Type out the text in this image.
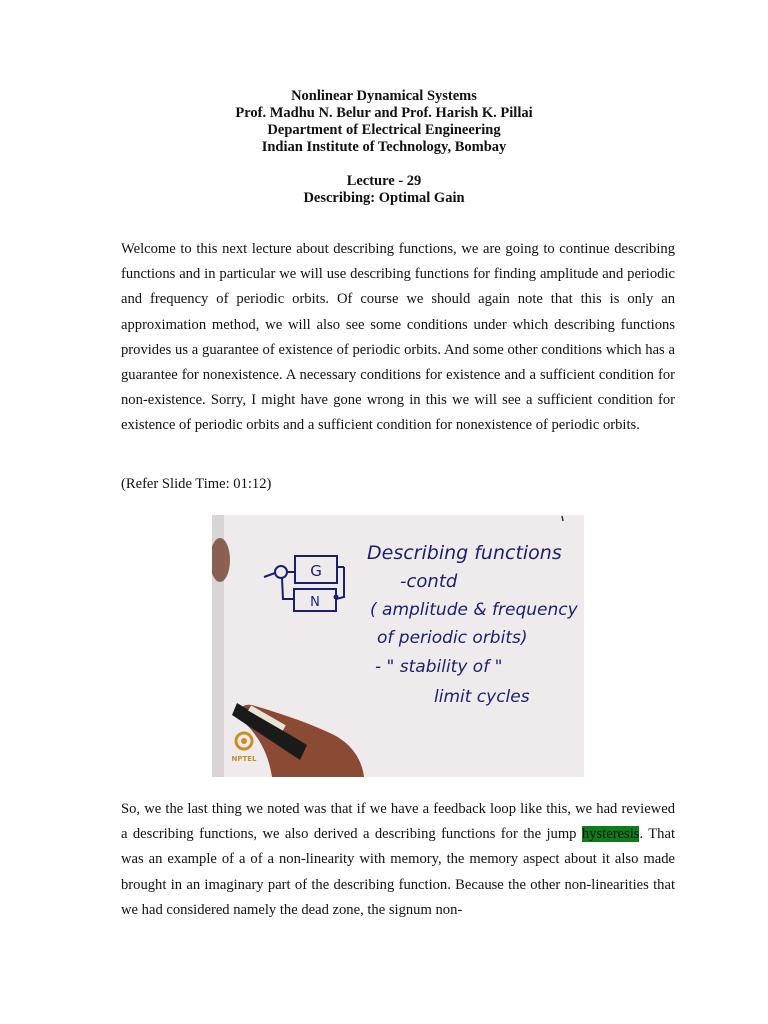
Nonlinear Dynamical Systems
Prof. Madhu N. Belur and Prof. Harish K. Pillai
Department of Electrical Engineering
Indian Institute of Technology, Bombay
Lecture - 29
Describing: Optimal Gain

Welcome to this next lecture about describing functions, we are going to continue describing functions and in particular we will use describing functions for finding amplitude and periodic and frequency of periodic orbits. Of course we should again note that this is only an approximation method, we will also see some conditions under which describing functions provides us a guarantee of existence of periodic orbits. And some other conditions which has a guarantee for nonexistence. A necessary conditions for existence and a sufficient condition for non-existence. Sorry, I might have gone wrong in this we will see a sufficient condition for existence of periodic orbits and a sufficient condition for nonexistence of periodic orbits.

(Refer Slide Time: 01:12)

G
N
Describing functions
-contd
( amplitude & frequency
of periodic orbits)
- " stability of "
limit cycles
NPTEL

So, we the last thing we noted was that if we have a feedback loop like this, we had reviewed a describing functions, we also derived a describing functions for the jump hysteresis. That was an example of a of a non-linearity with memory, the memory aspect about it also made brought in an imaginary part of the describing function. Because the other non-linearities that we had considered namely the dead zone, the signum non-
